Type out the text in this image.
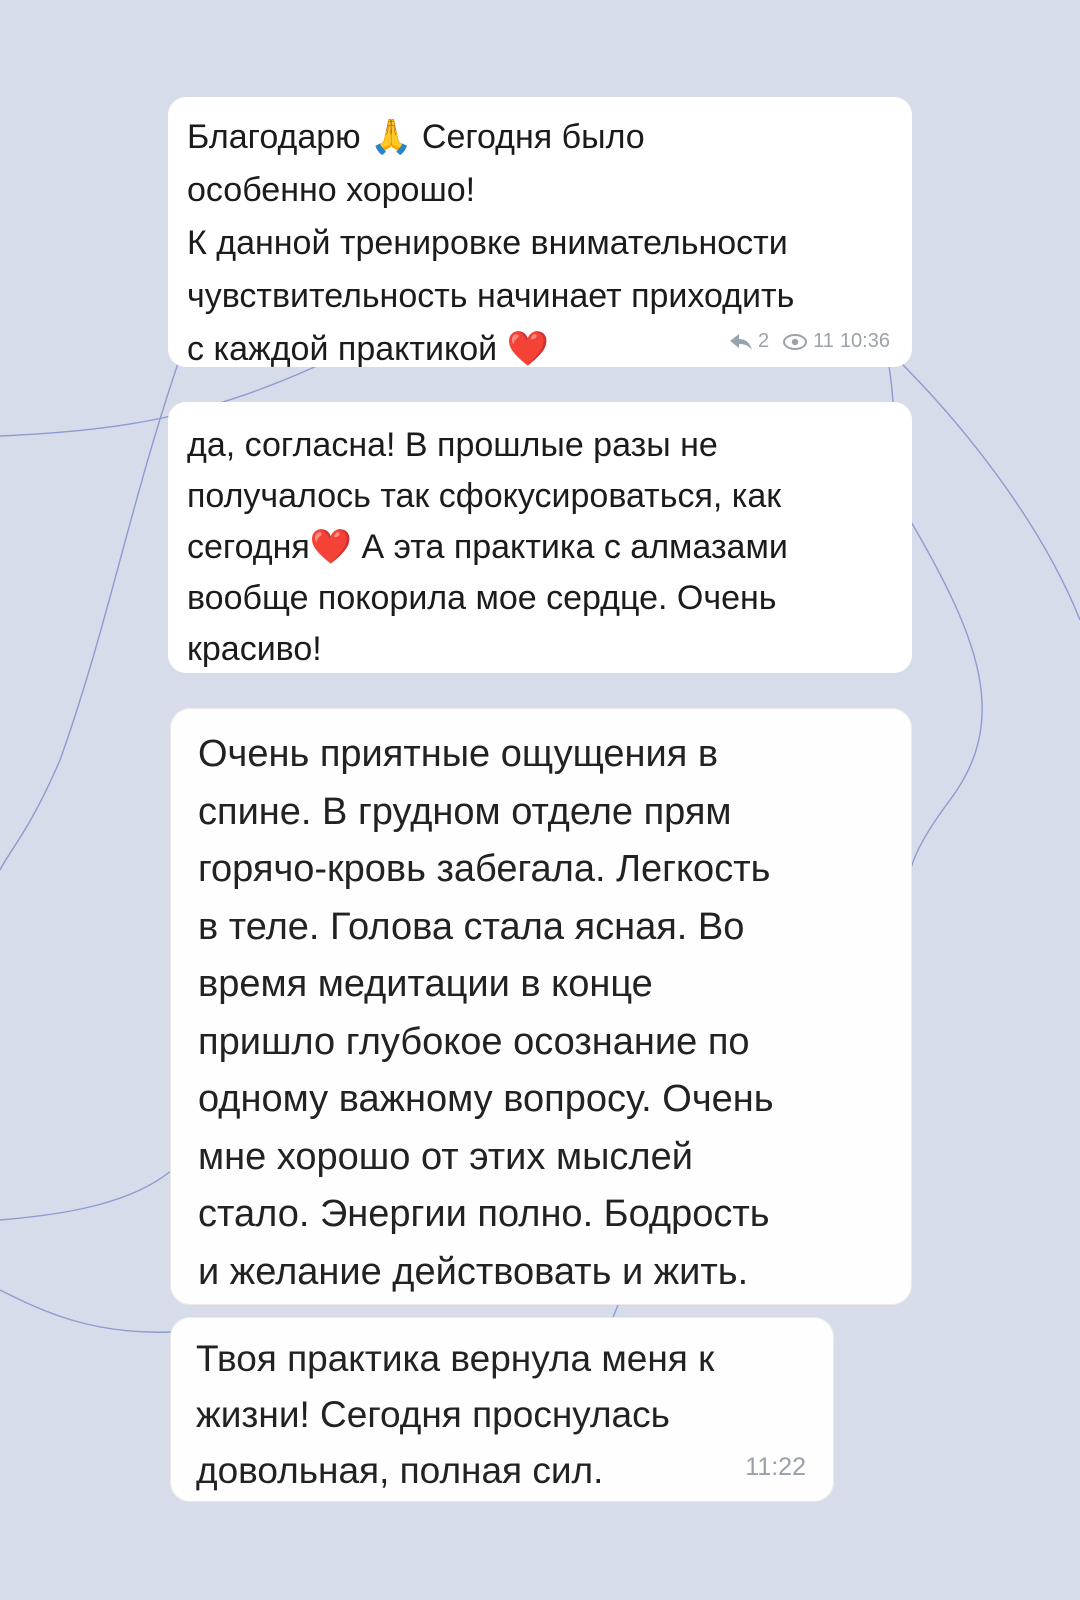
Благодарю 🙏 Сегодня было
особенно хорошо!
К данной тренировке внимательности
чувствительность начинает приходить
с каждой практикой ❤️	2 11 10:36

да, согласна! В прошлые разы не
получалось так сфокусироваться, как
сегодня❤️ А эта практика с алмазами
вообще покорила мое сердце. Очень
красиво!

Очень приятные ощущения в
спине. В грудном отделе прям
горячо-кровь забегала. Легкость
в теле. Голова стала ясная. Во
время медитации в конце
пришло глубокое осознание по
одному важному вопросу. Очень
мне хорошо от этих мыслей
стало. Энергии полно. Бодрость
и желание действовать и жить.

Твоя практика вернула меня к
жизни! Сегодня проснулась
довольная, полная сил.	11:22
